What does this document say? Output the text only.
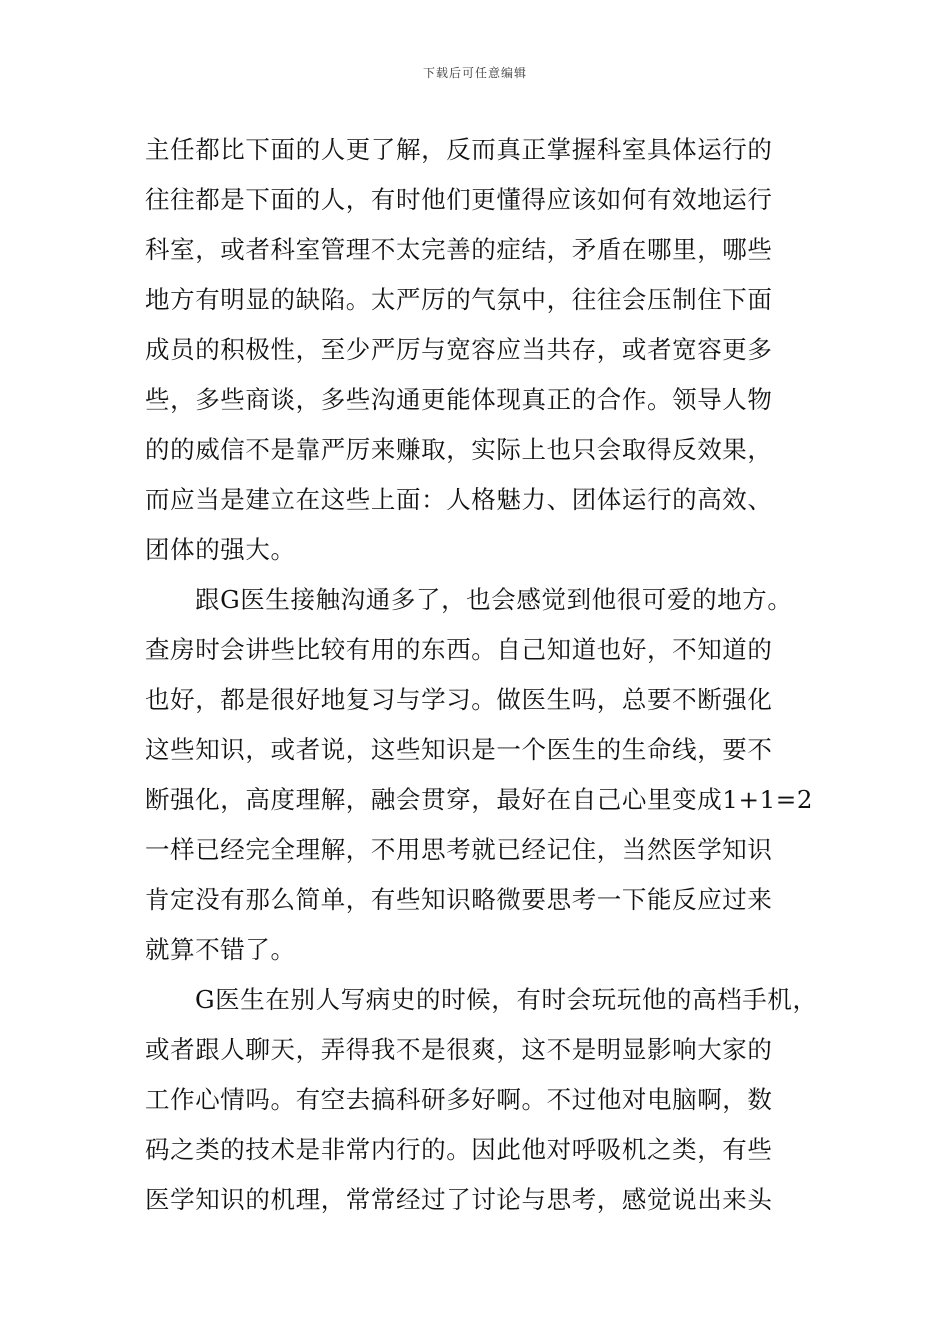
下载后可任意编辑
主任都比下面的人更了解，反而真正掌握科室具体运行的
往往都是下面的人，有时他们更懂得应该如何有效地运行
科室，或者科室管理不太完善的症结，矛盾在哪里，哪些
地方有明显的缺陷。太严厉的气氛中，往往会压制住下面
成员的积极性，至少严厉与宽容应当共存，或者宽容更多
些，多些商谈，多些沟通更能体现真正的合作。领导人物
的的威信不是靠严厉来赚取，实际上也只会取得反效果，
而应当是建立在这些上面：人格魅力、团体运行的高效、
团体的强大。
跟G医生接触沟通多了，也会感觉到他很可爱的地方。
查房时会讲些比较有用的东西。自己知道也好，不知道的
也好，都是很好地复习与学习。做医生吗，总要不断强化
这些知识，或者说，这些知识是一个医生的生命线，要不
断强化，高度理解，融会贯穿，最好在自己心里变成1+1=2
一样已经完全理解，不用思考就已经记住，当然医学知识
肯定没有那么简单，有些知识略微要思考一下能反应过来
就算不错了。
G医生在别人写病史的时候，有时会玩玩他的高档手机，
或者跟人聊天，弄得我不是很爽，这不是明显影响大家的
工作心情吗。有空去搞科研多好啊。不过他对电脑啊，数
码之类的技术是非常内行的。因此他对呼吸机之类，有些
医学知识的机理，常常经过了讨论与思考，感觉说出来头
